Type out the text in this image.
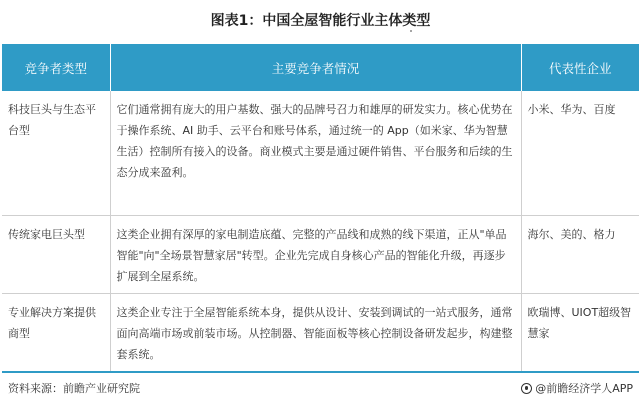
图表1：中国全屋智能行业主体类型
竞争者类型	主要竞争者情况	代表性企业
科技巨头与生态平台型	它们通常拥有庞大的用户基数、强大的品牌号召力和雄厚的研发实力。核心优势在于操作系统、AI 助手、云平台和账号体系，通过统一的 App（如米家、华为智慧生活）控制所有接入的设备。商业模式主要是通过硬件销售、平台服务和后续的生态分成来盈利。	小米、华为、百度
传统家电巨头型	这类企业拥有深厚的家电制造底蕴、完整的产品线和成熟的线下渠道，正从"单品智能"向"全场景智慧家居"转型。企业先完成自身核心产品的智能化升级，再逐步扩展到全屋系统。	海尔、美的、格力
专业解决方案提供商型	这类企业专注于全屋智能系统本身，提供从设计、安装到调试的一站式服务，通常面向高端市场或前装市场。从控制器、智能面板等核心控制设备研发起步，构建整套系统。	欧瑞博、UIOT超级智慧家
资料来源：前瞻产业研究院	@前瞻经济学人APP
